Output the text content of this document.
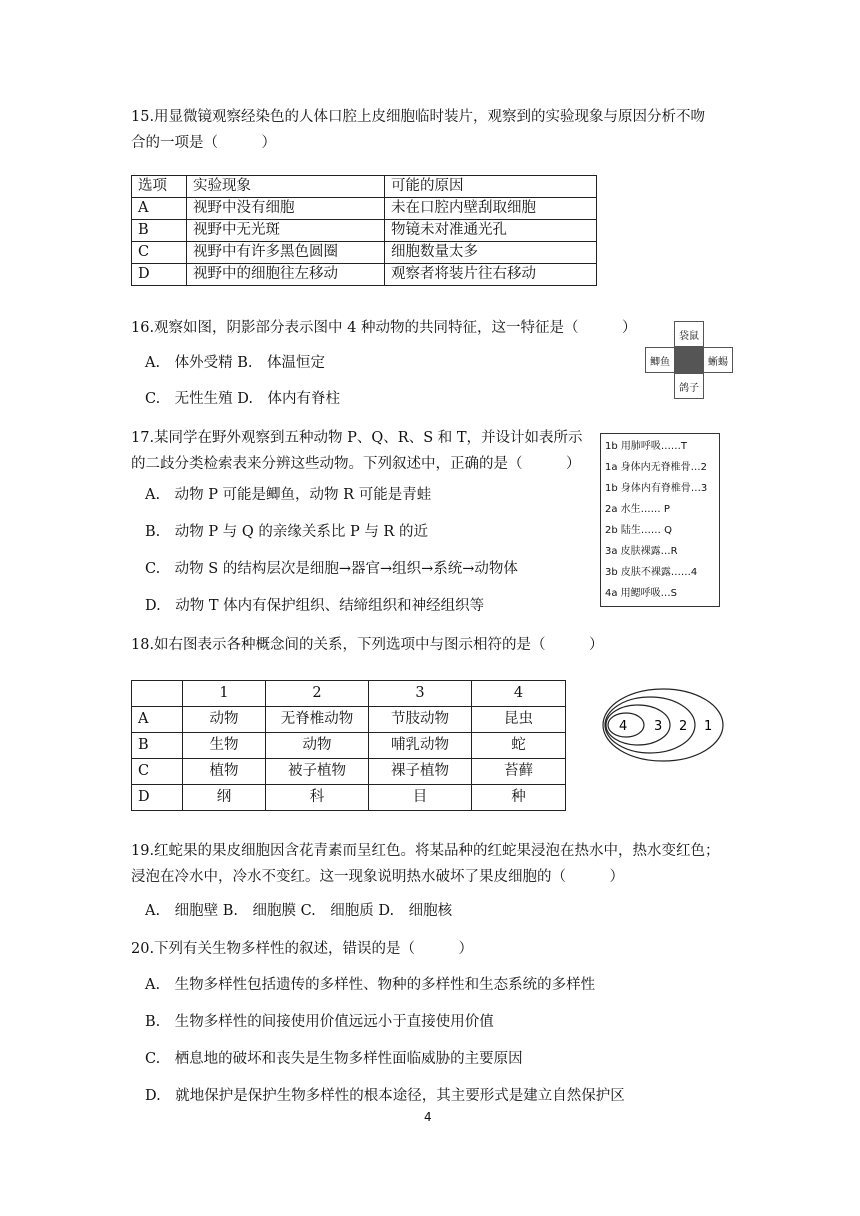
15.用显微镜观察经染色的人体口腔上皮细胞临时装片，观察到的实验现象与原因分析不吻
合的一项是（　　　）
选项	实验现象	可能的原因
A	视野中没有细胞	未在口腔内壁刮取细胞
B	视野中无光斑	物镜未对准通光孔
C	视野中有许多黑色圆圈	细胞数量太多
D	视野中的细胞往左移动	观察者将装片往右移动
16.观察如图，阴影部分表示图中 4 种动物的共同特征，这一特征是（　　　）
A.　体外受精 B.　体温恒定
C.　无性生殖 D.　体内有脊柱
袋鼠
鲫鱼	蜥蜴
鸽子
17.某同学在野外观察到五种动物 P、Q、R、S 和 T，并设计如表所示
的二歧分类检索表来分辨这些动物。下列叙述中，正确的是（　　　）
A.　动物 P 可能是鲫鱼，动物 R 可能是青蛙
B.　动物 P 与 Q 的亲缘关系比 P 与 R 的近
C.　动物 S 的结构层次是细胞→器官→组织→系统→动物体
D.　动物 T 体内有保护组织、结缔组织和神经组织等
1b 用肺呼吸……T
1a 身体内无脊椎骨…2
1b 身体内有脊椎骨…3
2a 水生…… P
2b 陆生…… Q
3a 皮肤裸露…R
3b 皮肤不裸露……4
4a 用鳃呼吸…S
18.如右图表示各种概念间的关系，下列选项中与图示相符的是（　　　）
	1	2	3	4
A	动物	无脊椎动物	节肢动物	昆虫
B	生物	动物	哺乳动物	蛇
C	植物	被子植物	裸子植物	苔藓
D	纲	科	目	种
4 3 2 1
19.红蛇果的果皮细胞因含花青素而呈红色。将某品种的红蛇果浸泡在热水中，热水变红色；
浸泡在冷水中，冷水不变红。这一现象说明热水破坏了果皮细胞的（　　　）
A.　细胞壁 B.　细胞膜 C.　细胞质 D.　细胞核
20.下列有关生物多样性的叙述，错误的是（　　　）
A.　生物多样性包括遗传的多样性、物种的多样性和生态系统的多样性
B.　生物多样性的间接使用价值远远小于直接使用价值
C.　栖息地的破坏和丧失是生物多样性面临威胁的主要原因
D.　就地保护是保护生物多样性的根本途径，其主要形式是建立自然保护区
4
